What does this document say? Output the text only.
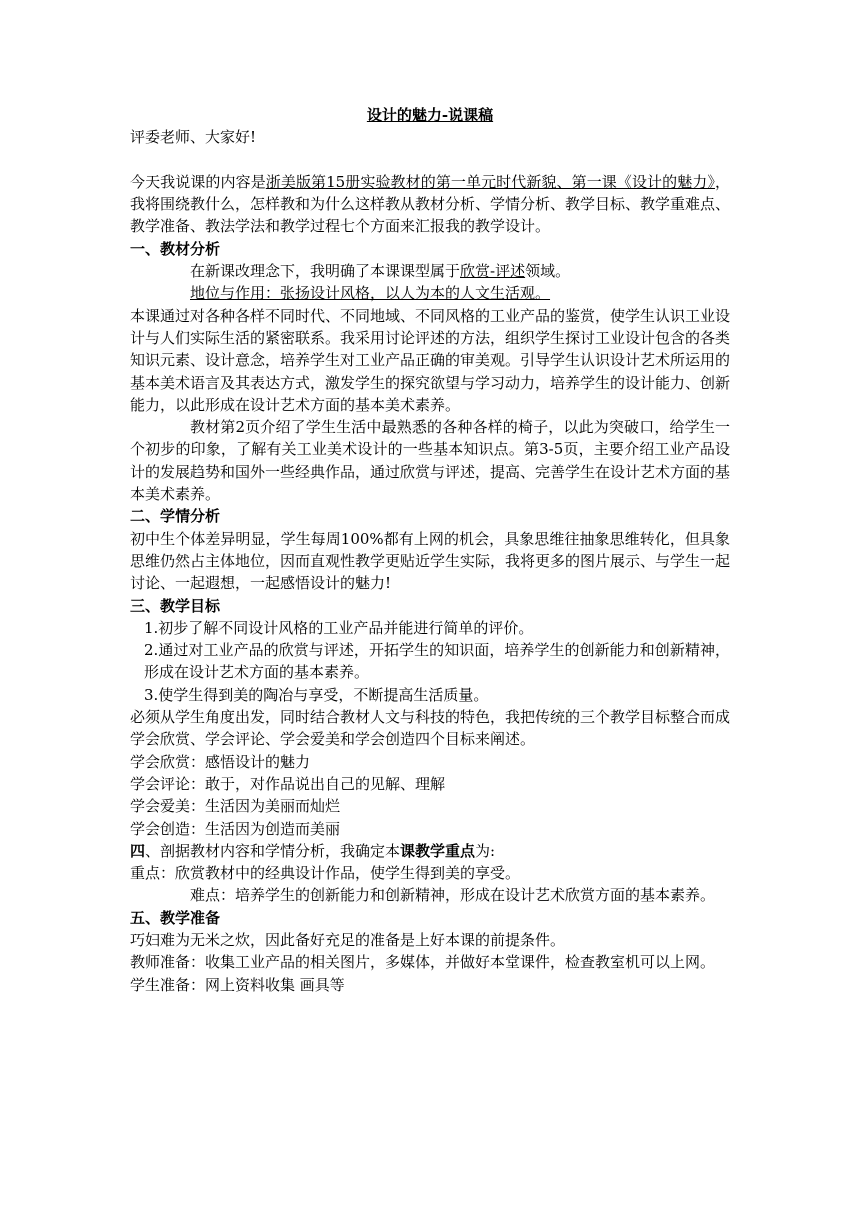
设计的魅力-说课稿

评委老师、大家好!

今天我说课的内容是浙美版第15册实验教材的第一单元时代新貌、第一课《设计的魅力》，我将围绕教什么，怎样教和为什么这样教从教材分析、学情分析、教学目标、教学重难点、教学准备、教法学法和教学过程七个方面来汇报我的教学设计。

一、教材分析

在新课改理念下，我明确了本课课型属于欣赏-评述领域。

地位与作用：张扬设计风格，以人为本的人文生活观。

本课通过对各种各样不同时代、不同地域、不同风格的工业产品的鉴赏，使学生认识工业设计与人们实际生活的紧密联系。我采用讨论评述的方法，组织学生探讨工业设计包含的各类知识元素、设计意念，培养学生对工业产品正确的审美观。引导学生认识设计艺术所运用的基本美术语言及其表达方式，激发学生的探究欲望与学习动力，培养学生的设计能力、创新能力，以此形成在设计艺术方面的基本美术素养。

教材第2页介绍了学生生活中最熟悉的各种各样的椅子，以此为突破口，给学生一个初步的印象，了解有关工业美术设计的一些基本知识点。第3-5页，主要介绍工业产品设计的发展趋势和国外一些经典作品，通过欣赏与评述，提高、完善学生在设计艺术方面的基本美术素养。

二、学情分析

初中生个体差异明显，学生每周100%都有上网的机会，具象思维往抽象思维转化，但具象思维仍然占主体地位，因而直观性教学更贴近学生实际，我将更多的图片展示、与学生一起讨论、一起遐想，一起感悟设计的魅力!

三、教学目标

1.初步了解不同设计风格的工业产品并能进行简单的评价。

2.通过对工业产品的欣赏与评述，开拓学生的知识面，培养学生的创新能力和创新精神，形成在设计艺术方面的基本素养。

3.使学生得到美的陶冶与享受，不断提高生活质量。

必须从学生角度出发，同时结合教材人文与科技的特色，我把传统的三个教学目标整合而成学会欣赏、学会评论、学会爱美和学会创造四个目标来阐述。

学会欣赏：感悟设计的魅力

学会评论：敢于，对作品说出自己的见解、理解

学会爱美：生活因为美丽而灿烂

学会创造：生活因为创造而美丽

四、剖据教材内容和学情分析，我确定本课教学重点为:

重点：欣赏教材中的经典设计作品，使学生得到美的享受。

难点：培养学生的创新能力和创新精神，形成在设计艺术欣赏方面的基本素养。

五、教学准备

巧妇难为无米之炊，因此备好充足的准备是上好本课的前提条件。

教师准备：收集工业产品的相关图片，多媒体，并做好本堂课件，检查教室机可以上网。

学生准备：网上资料收集 画具等
